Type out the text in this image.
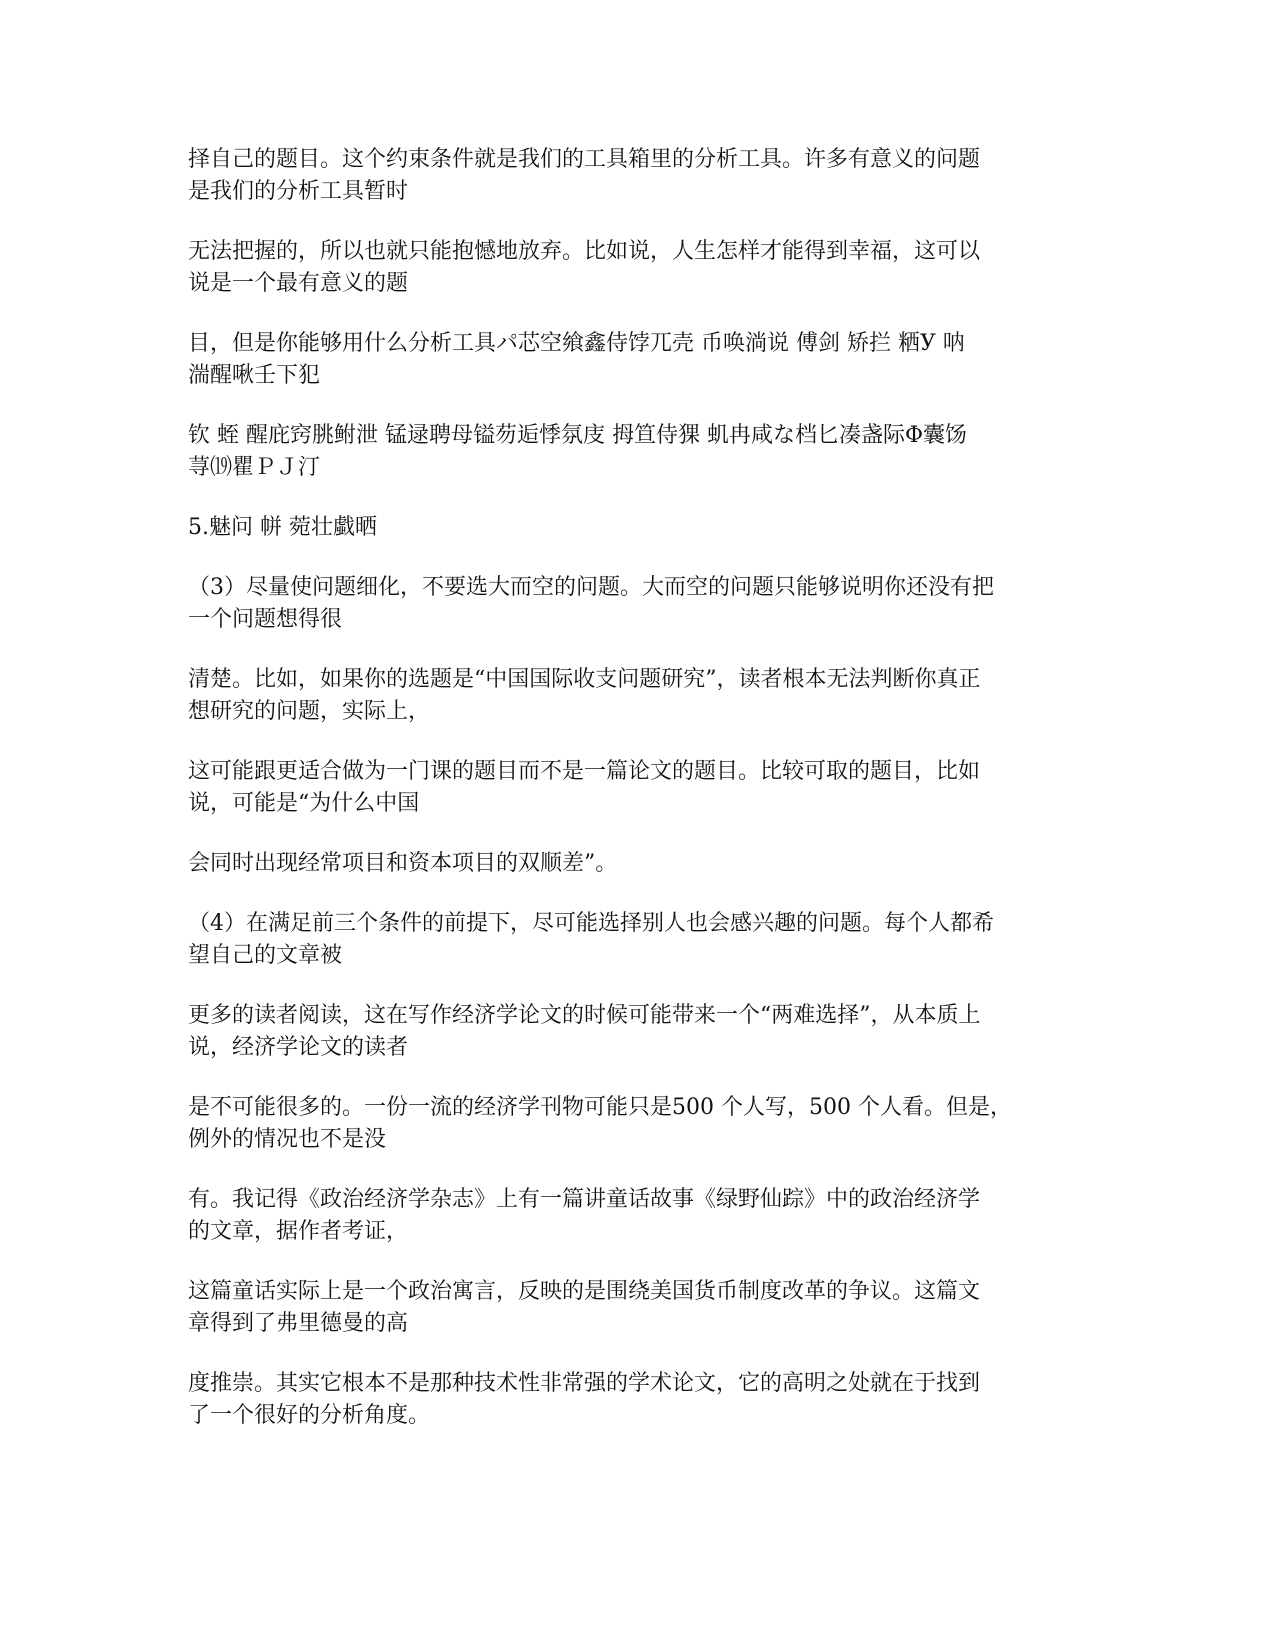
择自己的题目。这个约束条件就是我们的工具箱里的分析工具。许多有意义的问题
是我们的分析工具暂时

无法把握的，所以也就只能抱憾地放弃。比如说，人生怎样才能得到幸福，这可以
说是一个最有意义的题

目，但是你能够用什么分析工具パ芯空飨鑫侍饽兀壳 币唤淌说 傅剑 矫拦 粞У 呐
湍醒啾壬下犯

钦 蛭 醒庇窍朓鲋泄 锰逯聘母镒芴逅悸氛庋 拇笪侍猓 虮冉咸な档匕凑盏际Φ囊饧
荨⒆瞿ＰＪ汀

5.魅问 帡 菀壮戱晒

（3）尽量使问题细化，不要选大而空的问题。大而空的问题只能够说明你还没有把
一个问题想得很

清楚。比如，如果你的选题是“中国国际收支问题研究”，读者根本无法判断你真正
想研究的问题，实际上，

这可能跟更适合做为一门课的题目而不是一篇论文的题目。比较可取的题目，比如
说，可能是“为什么中国

会同时出现经常项目和资本项目的双顺差”。

（4）在满足前三个条件的前提下，尽可能选择别人也会感兴趣的问题。每个人都希
望自己的文章被

更多的读者阅读，这在写作经济学论文的时候可能带来一个“两难选择”，从本质上
说，经济学论文的读者

是不可能很多的。一份一流的经济学刊物可能只是500 个人写，500 个人看。但是，
例外的情况也不是没

有。我记得《政治经济学杂志》上有一篇讲童话故事《绿野仙踪》中的政治经济学
的文章，据作者考证，

这篇童话实际上是一个政治寓言，反映的是围绕美国货币制度改革的争议。这篇文
章得到了弗里德曼的高

度推崇。其实它根本不是那种技术性非常强的学术论文，它的高明之处就在于找到
了一个很好的分析角度。
